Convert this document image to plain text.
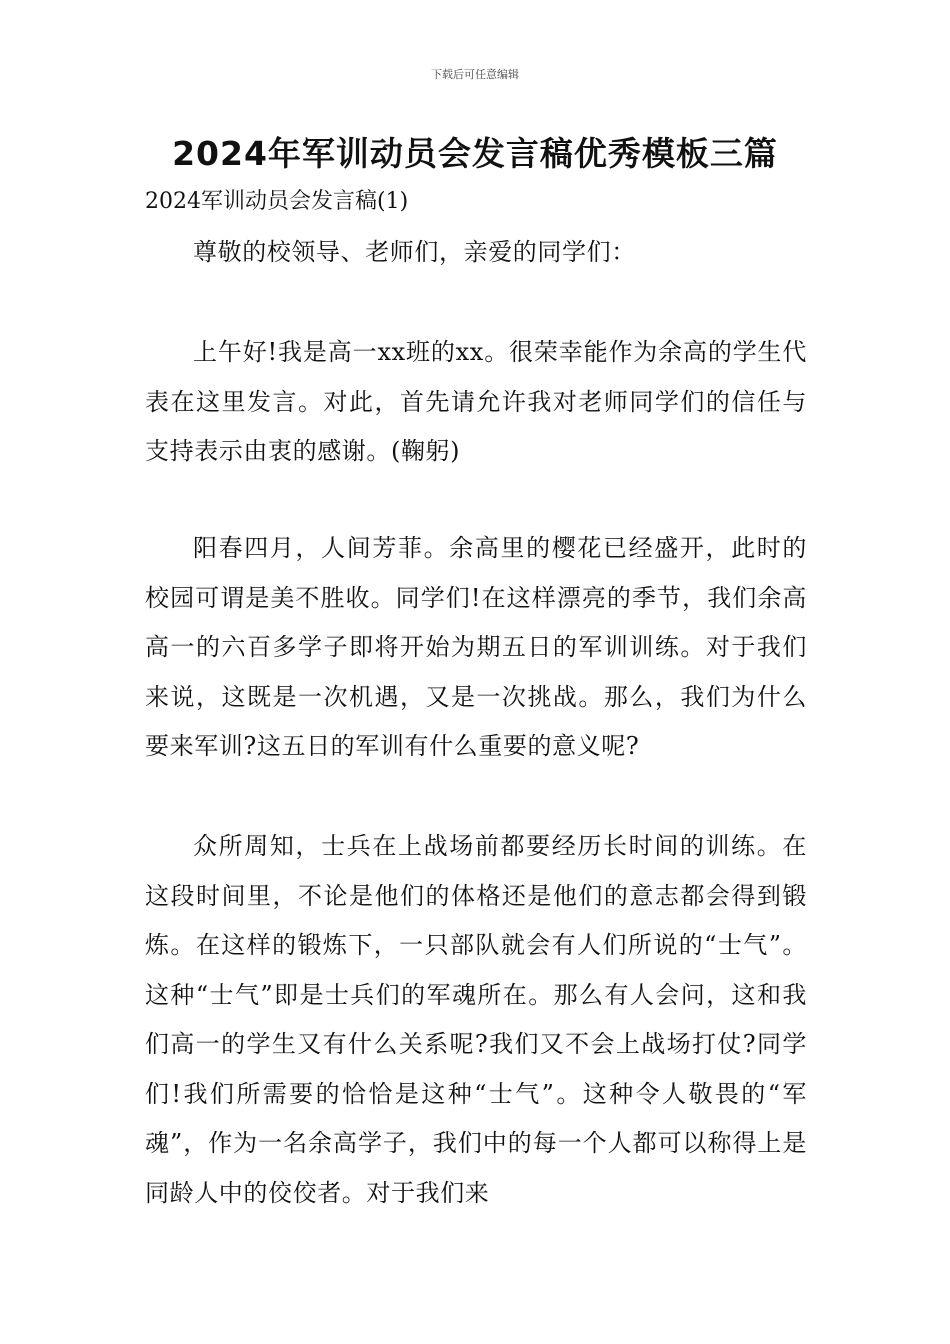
下载后可任意编辑
2024年军训动员会发言稿优秀模板三篇
2024军训动员会发言稿(1)
尊敬的校领导、老师们，亲爱的同学们：
上午好!我是高一xx班的xx。很荣幸能作为余高的学生代表在这里发言。对此，首先请允许我对老师同学们的信任与支持表示由衷的感谢。(鞠躬)
阳春四月，人间芳菲。余高里的樱花已经盛开，此时的校园可谓是美不胜收。同学们!在这样漂亮的季节，我们余高高一的六百多学子即将开始为期五日的军训训练。对于我们来说，这既是一次机遇，又是一次挑战。那么，我们为什么要来军训?这五日的军训有什么重要的意义呢?
众所周知，士兵在上战场前都要经历长时间的训练。在这段时间里，不论是他们的体格还是他们的意志都会得到锻炼。在这样的锻炼下，一只部队就会有人们所说的“士气”。这种“士气”即是士兵们的军魂所在。那么有人会问，这和我们高一的学生又有什么关系呢?我们又不会上战场打仗?同学们!我们所需要的恰恰是这种“士气”。这种令人敬畏的“军魂”，作为一名余高学子，我们中的每一个人都可以称得上是同龄人中的佼佼者。对于我们来
